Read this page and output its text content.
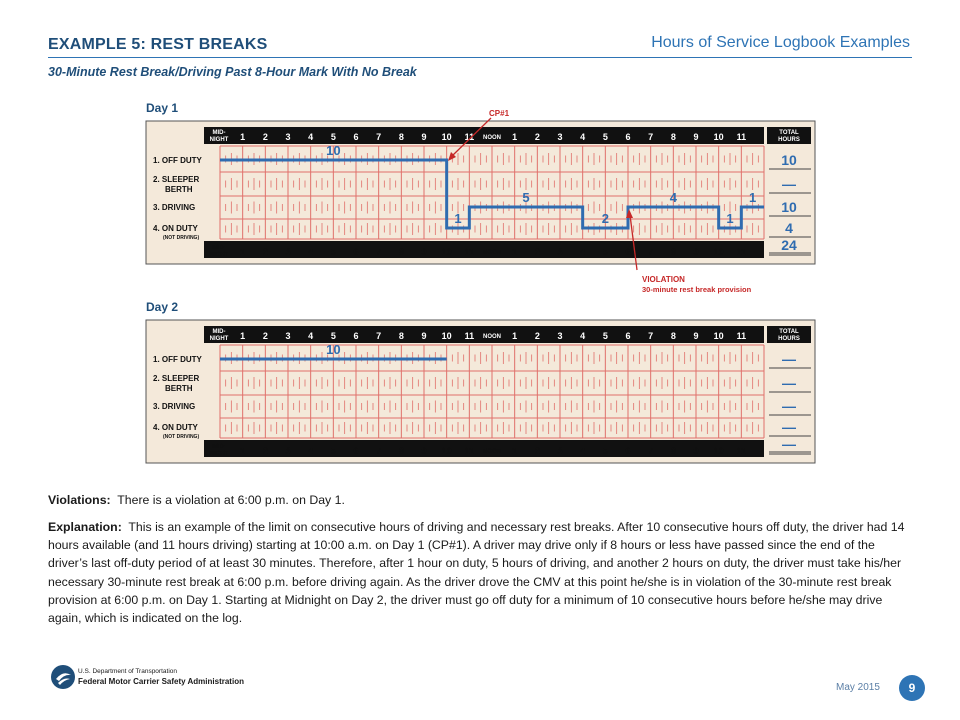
EXAMPLE 5: REST BREAKS	Hours of Service Logbook Examples
30-Minute Rest Break/Driving Past 8-Hour Mark With No Break
Day 1
TOTAL
HOURS
MID-
NIGHT 1 2 3 4 5 6 7 8 9 10 11 NOON 1 2 3 4 5 6 7 8 9 10 11
MID-
NIGHT 1 2 3 4 5 6 7 8 9 10 11 NOON 1 2 3 4 5 6 7 8 9 10 11
1. OFF DUTY
2. SLEEPER
BERTH
3. DRIVING
4. ON DUTY
(NOT DRIVING)
10
—
10
4
24
10
1
5
2
4
1
1
Day 2
TOTAL
HOURS
MID-
NIGHT 1 2 3 4 5 6 7 8 9 10 11 NOON 1 2 3 4 5 6 7 8 9 10 11
MID-
NIGHT 1 2 3 4 5 6 7 8 9 10 11 NOON 1 2 3 4 5 6 7 8 9 10 11
1. OFF DUTY
2. SLEEPER
BERTH
3. DRIVING
4. ON DUTY
(NOT DRIVING)
—
—
—
—
—
10
CP#1
VIOLATION
30-minute rest break provision
Violations: There is a violation at 6:00 p.m. on Day 1.
Explanation: This is an example of the limit on consecutive hours of driving and necessary rest breaks. After 10 consecutive hours off duty, the driver had 14 hours available (and 11 hours driving) starting at 10:00 a.m. on Day 1 (CP#1). A driver may drive only if 8 hours or less have passed since the end of the driver’s last off-duty period of at least 30 minutes. Therefore, after 1 hour on duty, 5 hours of driving, and another 2 hours on duty, the driver must take his/her necessary 30-minute rest break at 6:00 p.m. before driving again. As the driver drove the CMV at this point he/she is in violation of the 30-minute rest break provision at 6:00 p.m. on Day 1. Starting at Midnight on Day 2, the driver must go off duty for a minimum of 10 consecutive hours before he/she may drive again, which is indicated on the log.
U.S. Department of Transportation
Federal Motor Carrier Safety Administration
May 2015	9
